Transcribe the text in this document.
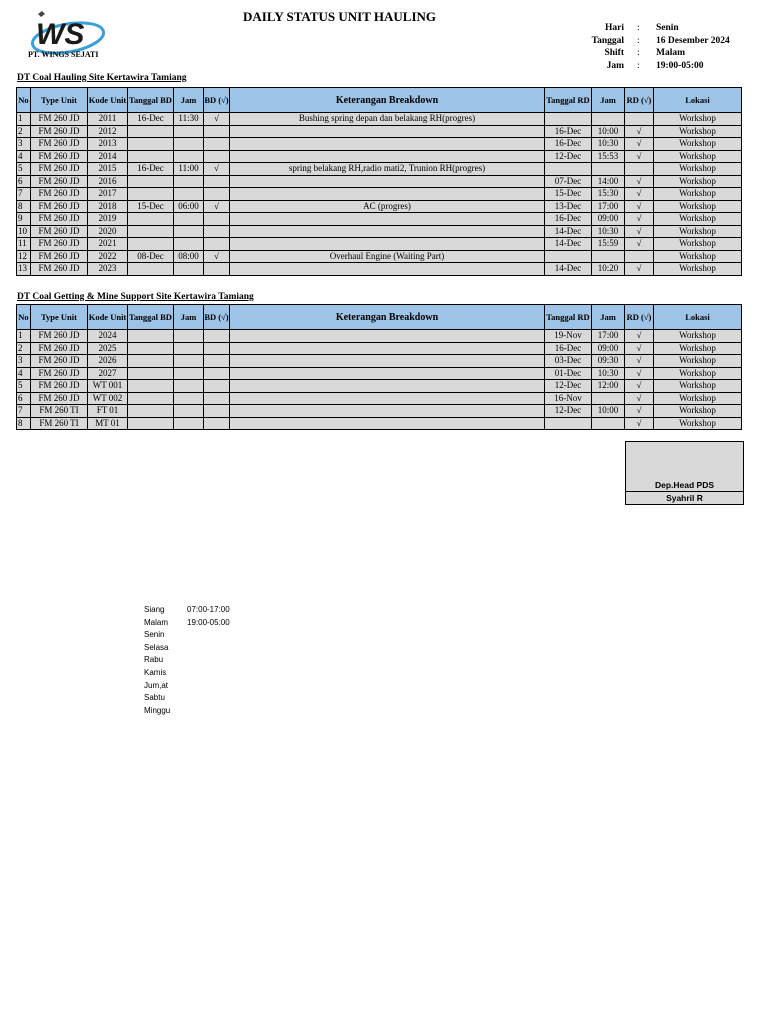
WS
PT. WINGS SEJATI
DAILY STATUS UNIT HAULING
Hari : Senin
Tanggal : 16 Desember 2024
Shift : Malam
Jam : 19:00-05:00
DT Coal Hauling Site Kertawira Tamiang
No	Type Unit	Kode Unit	Tanggal BD	Jam	BD (√)	Keterangan Breakdown	Tanggal RD	Jam	RD (√)	Lokasi
1	FM 260 JD	2011	16-Dec	11:30	√	Bushing spring depan dan belakang RH(progres)				Workshop
2	FM 260 JD	2012					16-Dec	10:00	√	Workshop
3	FM 260 JD	2013					16-Dec	10:30	√	Workshop
4	FM 260 JD	2014					12-Dec	15:53	√	Workshop
5	FM 260 JD	2015	16-Dec	11:00	√	spring belakang RH,radio mati2, Trunion RH(progres)				Workshop
6	FM 260 JD	2016					07-Dec	14:00	√	Workshop
7	FM 260 JD	2017					15-Dec	15:30	√	Workshop
8	FM 260 JD	2018	15-Dec	06:00	√	AC (progres)	13-Dec	17:00	√	Workshop
9	FM 260 JD	2019					16-Dec	09:00	√	Workshop
10	FM 260 JD	2020					14-Dec	10:30	√	Workshop
11	FM 260 JD	2021					14-Dec	15:59	√	Workshop
12	FM 260 JD	2022	08-Dec	08:00	√	Overhaul Engine (Waiting Part)				Workshop
13	FM 260 JD	2023					14-Dec	10:20	√	Workshop
DT Coal Getting & Mine Support Site Kertawira Tamiang
No	Type Unit	Kode Unit	Tanggal BD	Jam	BD (√)	Keterangan Breakdown	Tanggal RD	Jam	RD (√)	Lokasi
1	FM 260 JD	2024					19-Nov	17:00	√	Workshop
2	FM 260 JD	2025					16-Dec	09:00	√	Workshop
3	FM 260 JD	2026					03-Dec	09:30	√	Workshop
4	FM 260 JD	2027					01-Dec	10:30	√	Workshop
5	FM 260 JD	WT 001					12-Dec	12:00	√	Workshop
6	FM 260 JD	WT 002					16-Nov		√	Workshop
7	FM 260 TI	FT 01					12-Dec	10:00	√	Workshop
8	FM 260 TI	MT 01							√	Workshop
Dep.Head PDS
Syahril R
Siang	07:00-17:00
Malam 19:00-05:00
Senin
Selasa
Rabu
Kamis
Jum,at
Sabtu
Minggu
